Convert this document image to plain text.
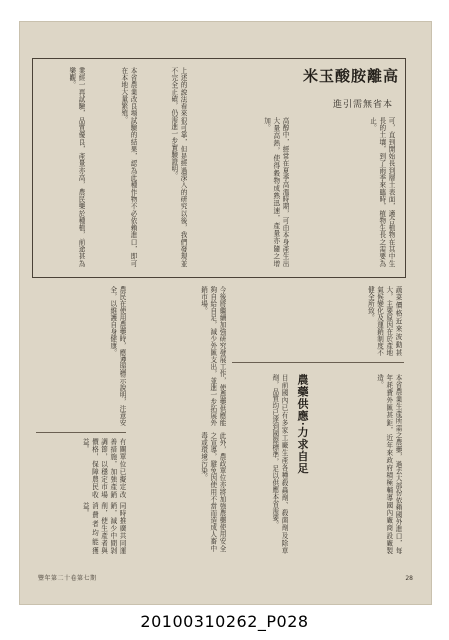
米玉酸胺離高
進引需無省本
可，直到開始長到層土表面，適合植物在其中生長的土壤，到了雨季來臨時，植物生長之需要為止。
高醇中，經常在夏季高溫時期，可由本身產生出大量高熱，使得穀物成熟迅速，產量亦隨之增加。
上述的說法看來很可靠，但是經過深入的研究以後，我們發現並不完全正確，仍需進一步實驗證明。
本省農業改良場試驗的結果，認為此種作物不必依賴進口，即可在本地大量繁殖。
業經一再試驗，品質優良，產量亦高，農民樂於種植，前途甚為樂觀。
蔬菜價格近來波動甚大，主要原因在於產地氣候變化及運銷制度不健全所致。
農藥供應‧力求自足	本省農業生產所需之農藥，過去大部份依賴國外進口，每年耗費外匯甚鉅，近年來政府積極輔導國內廠商設廠製造。
目前國內已有多家工廠生產各種殺蟲劑、殺菌劑及除草劑，品質均已達到國際標準，足以供應本省需要。
今後將繼續加強研究發展工作，使農藥供應能夠自給自足，減少外匯支出，並進一步拓展外銷市場。
此外，農政單位亦將加強農藥使用安全之宣導，避免因使用不當而造成人畜中毒或環境污染。
農民在使用農藥時，應遵照標示說明，注意安全，以維護自身健康。
有關單位已擬定改善措施，加強產銷調節，以穩定市場價格，保障農民收益。
同時推廣共同運銷，減少中間剝削，使生產者與消費者均能獲益。
豐年第二十卷第七期	28
20100310262_P028
